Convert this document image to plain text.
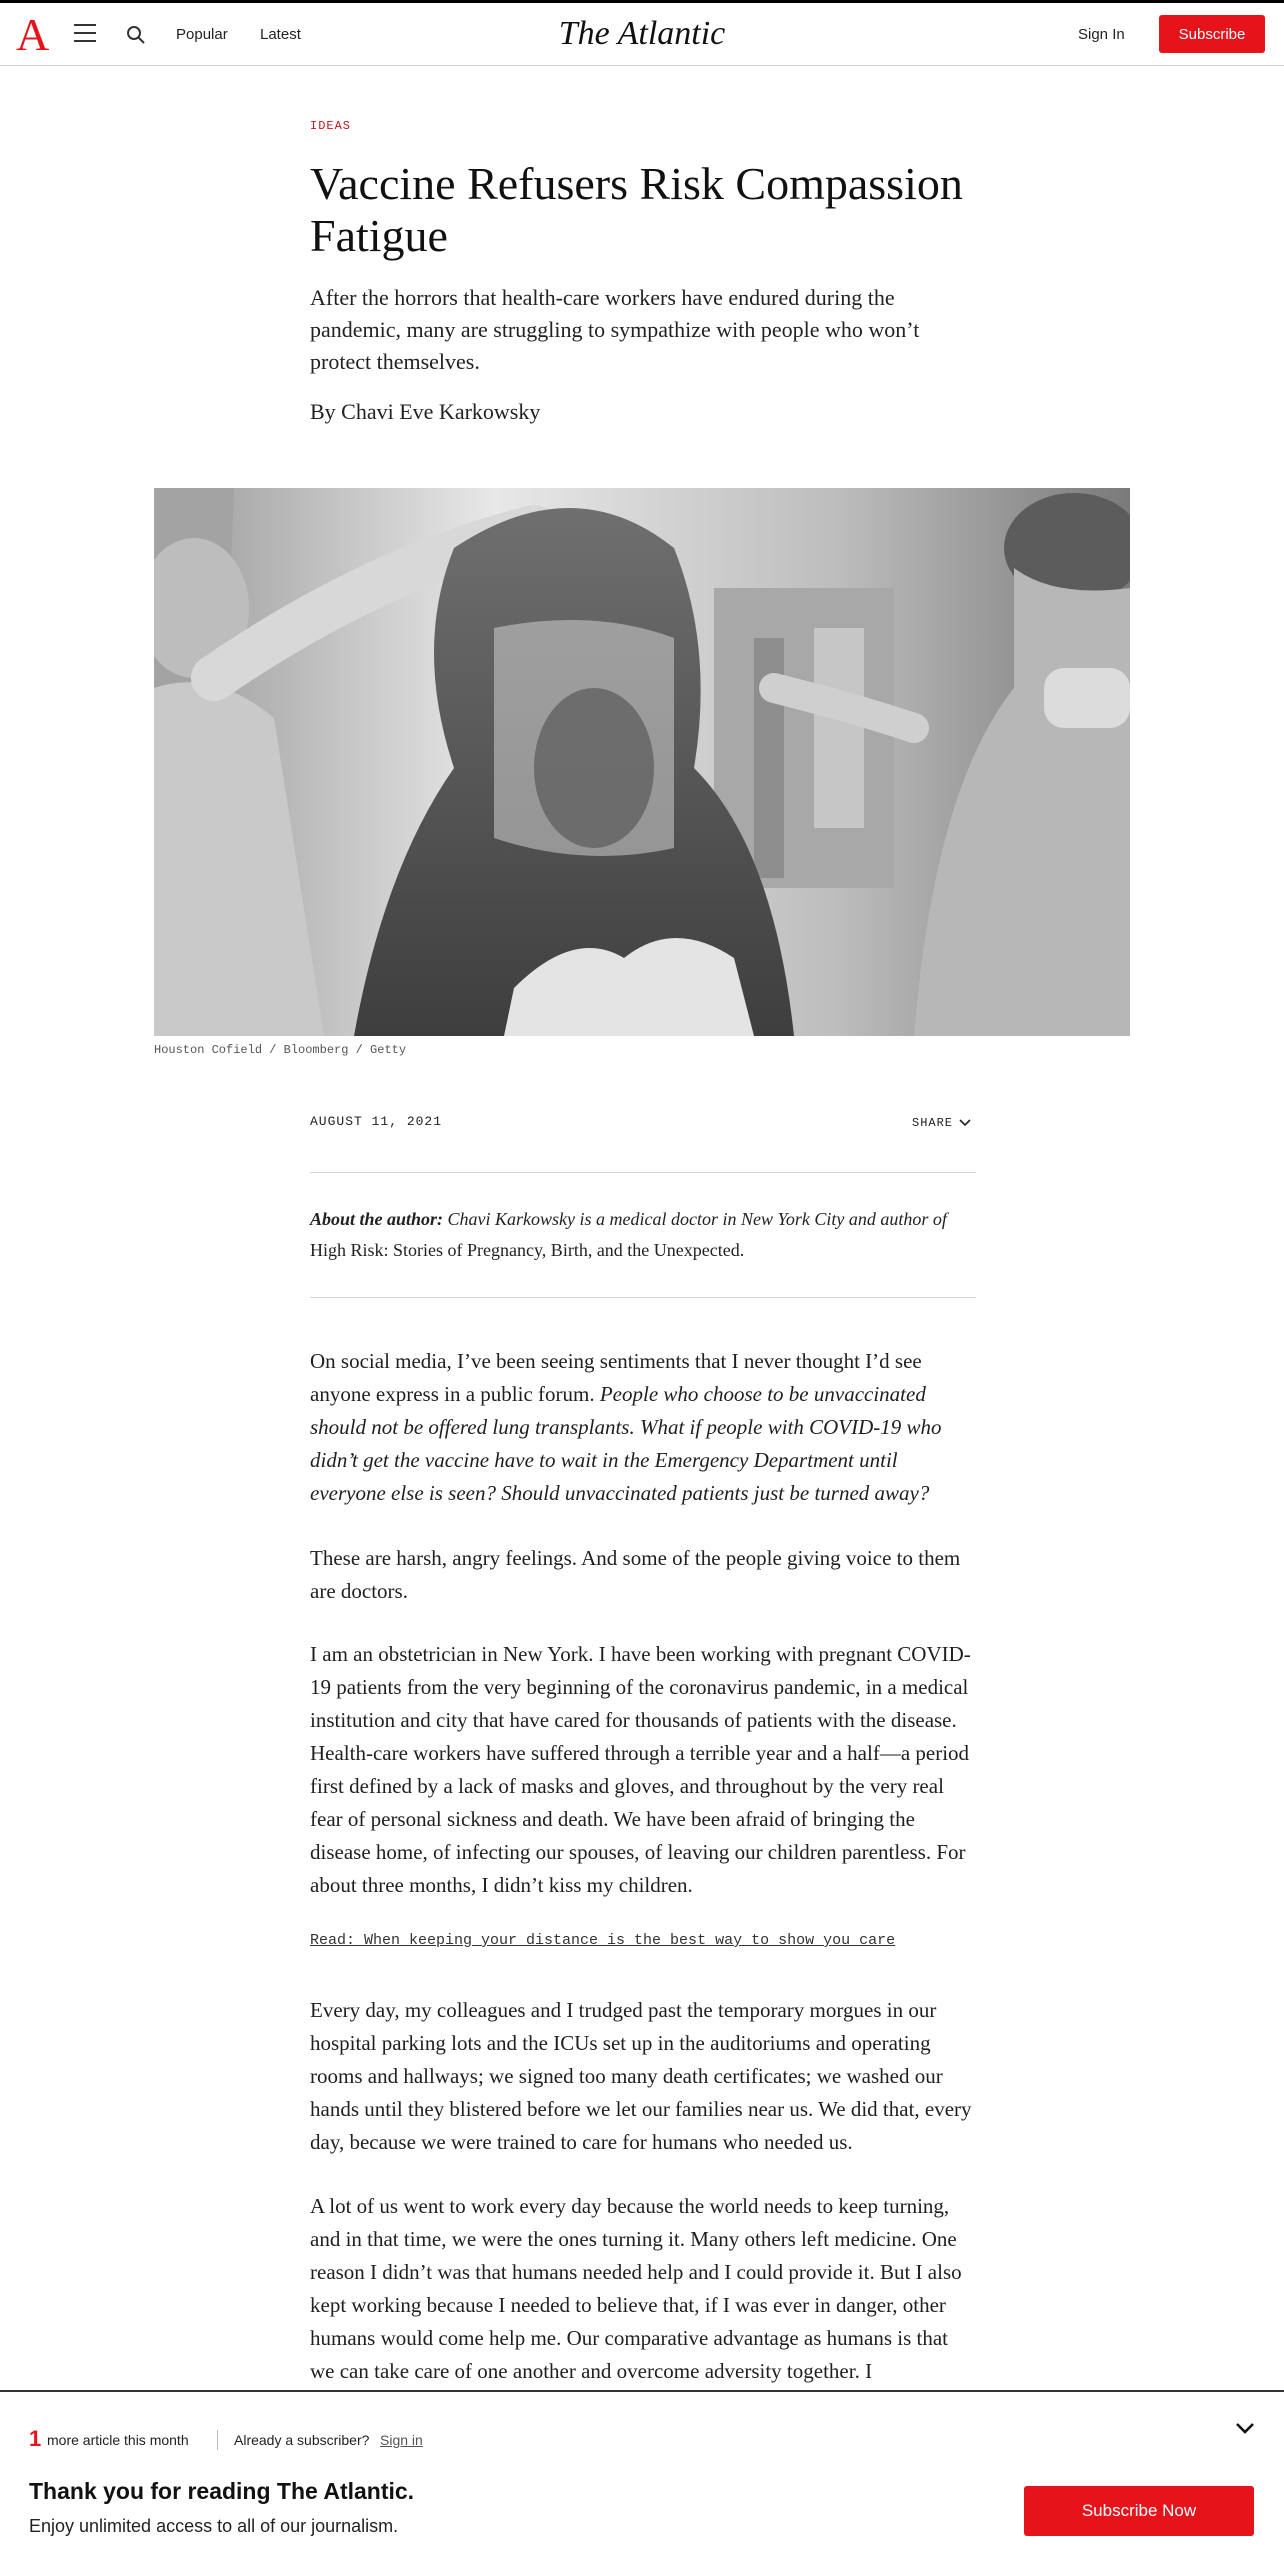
A	Popular Latest	The Atlantic	Sign In	Subscribe
IDEAS
Vaccine Refusers Risk Compassion Fatigue
After the horrors that health-care workers have endured during the pandemic, many are struggling to sympathize with people who won’t protect themselves.
By Chavi Eve Karkowsky
Houston Cofield / Bloomberg / Getty
AUGUST 11, 2021	SHARE
About the author: Chavi Karkowsky is a medical doctor in New York City and author of High Risk: Stories of Pregnancy, Birth, and the Unexpected.

On social media, I’ve been seeing sentiments that I never thought I’d see anyone express in a public forum. People who choose to be unvaccinated should not be offered lung transplants. What if people with COVID-19 who didn’t get the vaccine have to wait in the Emergency Department until everyone else is seen? Should unvaccinated patients just be turned away?

These are harsh, angry feelings. And some of the people giving voice to them are doctors.

I am an obstetrician in New York. I have been working with pregnant COVID-19 patients from the very beginning of the coronavirus pandemic, in a medical institution and city that have cared for thousands of patients with the disease. Health-care workers have suffered through a terrible year and a half—a period first defined by a lack of masks and gloves, and throughout by the very real fear of personal sickness and death. We have been afraid of bringing the disease home, of infecting our spouses, of leaving our children parentless. For about three months, I didn’t kiss my children.

Read: When keeping your distance is the best way to show you care

Every day, my colleagues and I trudged past the temporary morgues in our hospital parking lots and the ICUs set up in the auditoriums and operating rooms and hallways; we signed too many death certificates; we washed our hands until they blistered before we let our families near us. We did that, every day, because we were trained to care for humans who needed us.

A lot of us went to work every day because the world needs to keep turning, and in that time, we were the ones turning it. Many others left medicine. One reason I didn’t was that humans needed help and I could provide it. But I also kept working because I needed to believe that, if I was ever in danger, other humans would come help me. Our comparative advantage as humans is that we can take care of one another and overcome adversity together. I

1 more article this month	Already a subscriber? Sign in
Thank you for reading The Atlantic.
Enjoy unlimited access to all of our journalism.
Subscribe Now
